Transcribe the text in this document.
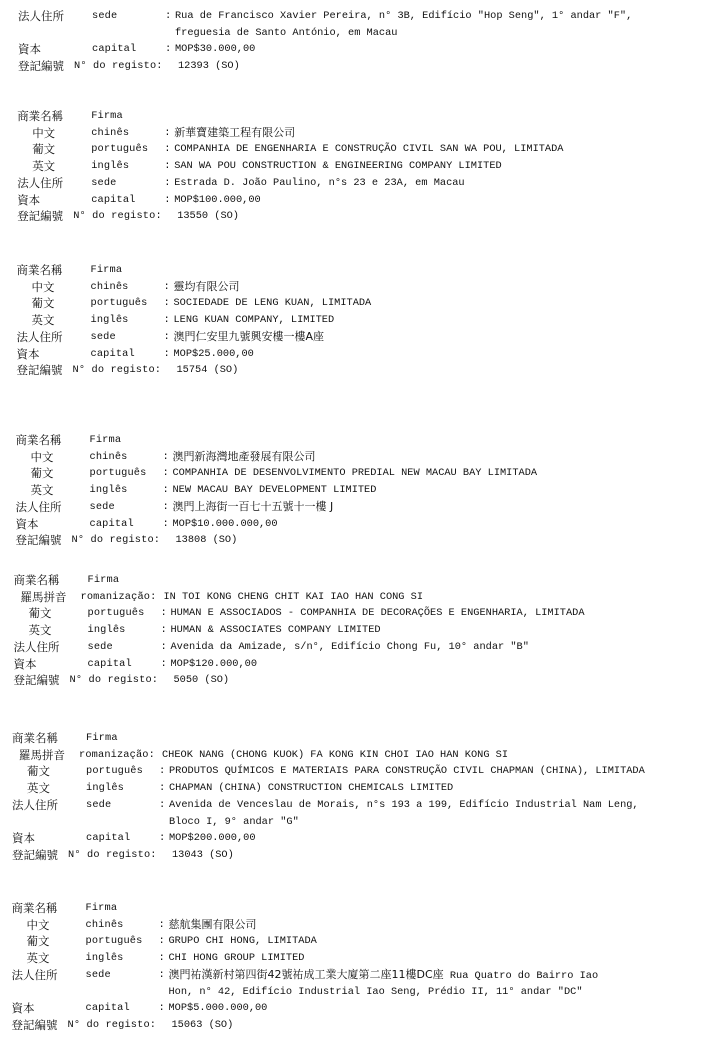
法人住所	sede	: Rua de Francisco Xavier Pereira, n° 3B, Edifício "Hop Seng", 1° andar "F",
freguesia de Santo António, em Macau
資本	capital	: MOP$30.000,00
登記編號 N° do registo: 12393 (SO)
商業名稱	Firma
中文	chinês	: 新華寶建築工程有限公司
葡文	português : COMPANHIA DE ENGENHARIA E CONSTRUÇÃO CIVIL SAN WA POU, LIMITADA
英文	inglês	: SAN WA POU CONSTRUCTION & ENGINEERING COMPANY LIMITED
法人住所	sede	: Estrada D. João Paulino, n°s 23 e 23A, em Macau
資本	capital	: MOP$100.000,00
登記編號 N° do registo: 13550 (SO)
商業名稱	Firma
中文	chinês	: 靈均有限公司
葡文	português : SOCIEDADE DE LENG KUAN, LIMITADA
英文	inglês	: LENG KUAN COMPANY, LIMITED
法人住所	sede	: 澳門仁安里九號興安樓一樓A座
資本	capital	: MOP$25.000,00
登記編號 N° do registo: 15754 (SO)
商業名稱	Firma
中文	chinês	: 澳門新海灣地產發展有限公司
葡文	português : COMPANHIA DE DESENVOLVIMENTO PREDIAL NEW MACAU BAY LIMITADA
英文	inglês	: NEW MACAU BAY DEVELOPMENT LIMITED
法人住所	sede	: 澳門上海街一百七十五號十一樓 J
資本	capital	: MOP$10.000.000,00
登記編號 N° do registo: 13808 (SO)
商業名稱	Firma
羅馬拼音 romanização: IN TOI KONG CHENG CHIT KAI IAO HAN CONG SI
葡文	português : HUMAN E ASSOCIADOS - COMPANHIA DE DECORAÇÕES E ENGENHARIA, LIMITADA
英文	inglês	: HUMAN & ASSOCIATES COMPANY LIMITED
法人住所	sede	: Avenida da Amizade, s/n°, Edifício Chong Fu, 10° andar "B"
資本	capital	: MOP$120.000,00
登記編號 N° do registo: 5050 (SO)
商業名稱	Firma
羅馬拼音 romanização: CHEOK NANG (CHONG KUOK) FA KONG KIN CHOI IAO HAN KONG SI
葡文	português : PRODUTOS QUÍMICOS E MATERIAIS PARA CONSTRUÇÃO CIVIL CHAPMAN (CHINA), LIMITADA
英文	inglês	: CHAPMAN (CHINA) CONSTRUCTION CHEMICALS LIMITED
法人住所	sede	: Avenida de Venceslau de Morais, n°s 193 a 199, Edifício Industrial Nam Leng,
Bloco I, 9° andar "G"
資本	capital	: MOP$200.000,00
登記編號 N° do registo: 13043 (SO)
商業名稱	Firma
中文	chinês	: 慈航集團有限公司
葡文	português : GRUPO CHI HONG, LIMITADA
英文	inglês	: CHI HONG GROUP LIMITED
法人住所	sede	: 澳門祐漢新村第四街42號祐成工業大廈第二座11樓DC座 Rua Quatro do Bairro Iao
Hon, n° 42, Edifício Industrial Iao Seng, Prédio II, 11° andar "DC"
資本	capital	: MOP$5.000.000,00
登記編號 N° do registo: 15063 (SO)
